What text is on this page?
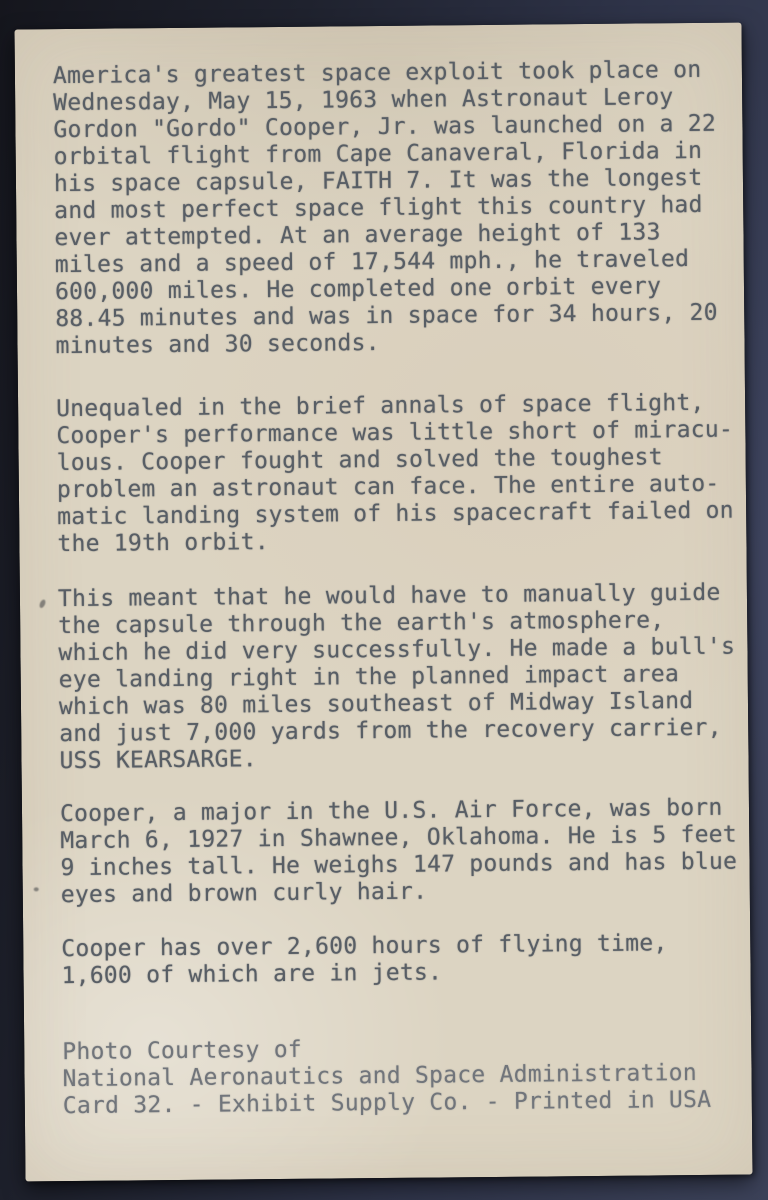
America's greatest space exploit took place on
Wednesday, May 15, 1963 when Astronaut Leroy
Gordon "Gordo" Cooper, Jr. was launched on a 22
orbital flight from Cape Canaveral, Florida in
his space capsule, FAITH 7. It was the longest
and most perfect space flight this country had
ever attempted. At an average height of 133
miles and a speed of 17,544 mph., he traveled
600,000 miles. He completed one orbit every
88.45 minutes and was in space for 34 hours, 20
minutes and 30 seconds.
Unequaled in the brief annals of space flight,
Cooper's performance was little short of miracu-
lous. Cooper fought and solved the toughest
problem an astronaut can face. The entire auto-
matic landing system of his spacecraft failed on
the 19th orbit.
This meant that he would have to manually guide
the capsule through the earth's atmosphere,
which he did very successfully. He made a bull's
eye landing right in the planned impact area
which was 80 miles southeast of Midway Island
and just 7,000 yards from the recovery carrier,
USS KEARSARGE.
Cooper, a major in the U.S. Air Force, was born
March 6, 1927 in Shawnee, Oklahoma. He is 5 feet
9 inches tall. He weighs 147 pounds and has blue
eyes and brown curly hair.
Cooper has over 2,600 hours of flying time,
1,600 of which are in jets.
Photo Courtesy of
National Aeronautics and Space Administration
Card 32. - Exhibit Supply Co. - Printed in USA
